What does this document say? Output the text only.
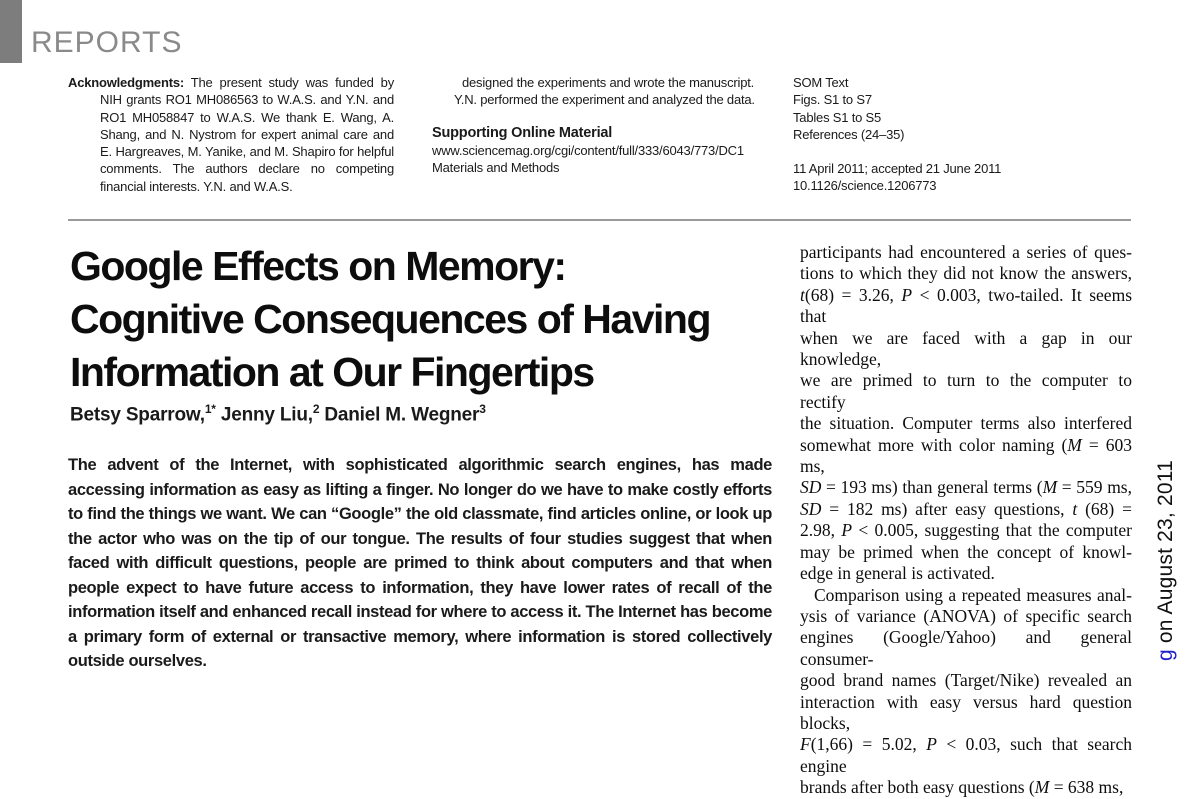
REPORTS
Acknowledgments: The present study was funded by NIH grants RO1 MH086563 to W.A.S. and Y.N. and RO1 MH058847 to W.A.S. We thank E. Wang, A. Shang, and N. Nystrom for expert animal care and E. Hargreaves, M. Yanike, and M. Shapiro for helpful comments. The authors declare no competing financial interests. Y.N. and W.A.S.
designed the experiments and wrote the manuscript. Y.N. performed the experiment and analyzed the data.
Supporting Online Material
www.sciencemag.org/cgi/content/full/333/6043/773/DC1
Materials and Methods
SOM Text
Figs. S1 to S7
Tables S1 to S5
References (24–35)
11 April 2011; accepted 21 June 2011
10.1126/science.1206773
Google Effects on Memory:
Cognitive Consequences of Having
Information at Our Fingertips
Betsy Sparrow,$^{1*}$ Jenny Liu,$^2$ Daniel M. Wegner$^3$
The advent of the Internet, with sophisticated algorithmic search engines, has made accessing information as easy as lifting a finger. No longer do we have to make costly efforts to find the things we want. We can “Google” the old classmate, find articles online, or look up the actor who was on the tip of our tongue. The results of four studies suggest that when faced with difficult questions, people are primed to think about computers and that when people expect to have future access to information, they have lower rates of recall of the information itself and enhanced recall instead for where to access it. The Internet has become a primary form of external or transactive memory, where information is stored collectively outside ourselves.
participants had encountered a series of ques-
tions to which they did not know the answers,
t(68) = 3.26, P < 0.003, two-tailed. It seems that
when we are faced with a gap in our knowledge,
we are primed to turn to the computer to rectify
the situation. Computer terms also interfered
somewhat more with color naming (M = 603 ms,
SD = 193 ms) than general terms (M = 559 ms,
SD = 182 ms) after easy questions, t (68) =
2.98, P < 0.005, suggesting that the computer
may be primed when the concept of knowl-
edge in general is activated.
Comparison using a repeated measures anal-
ysis of variance (ANOVA) of specific search
engines (Google/Yahoo) and general consumer-
good brand names (Target/Nike) revealed an
interaction with easy versus hard question blocks,
F(1,66) = 5.02, P < 0.03, such that search engine
brands after both easy questions (M = 638 ms,
g on August 23, 2011
